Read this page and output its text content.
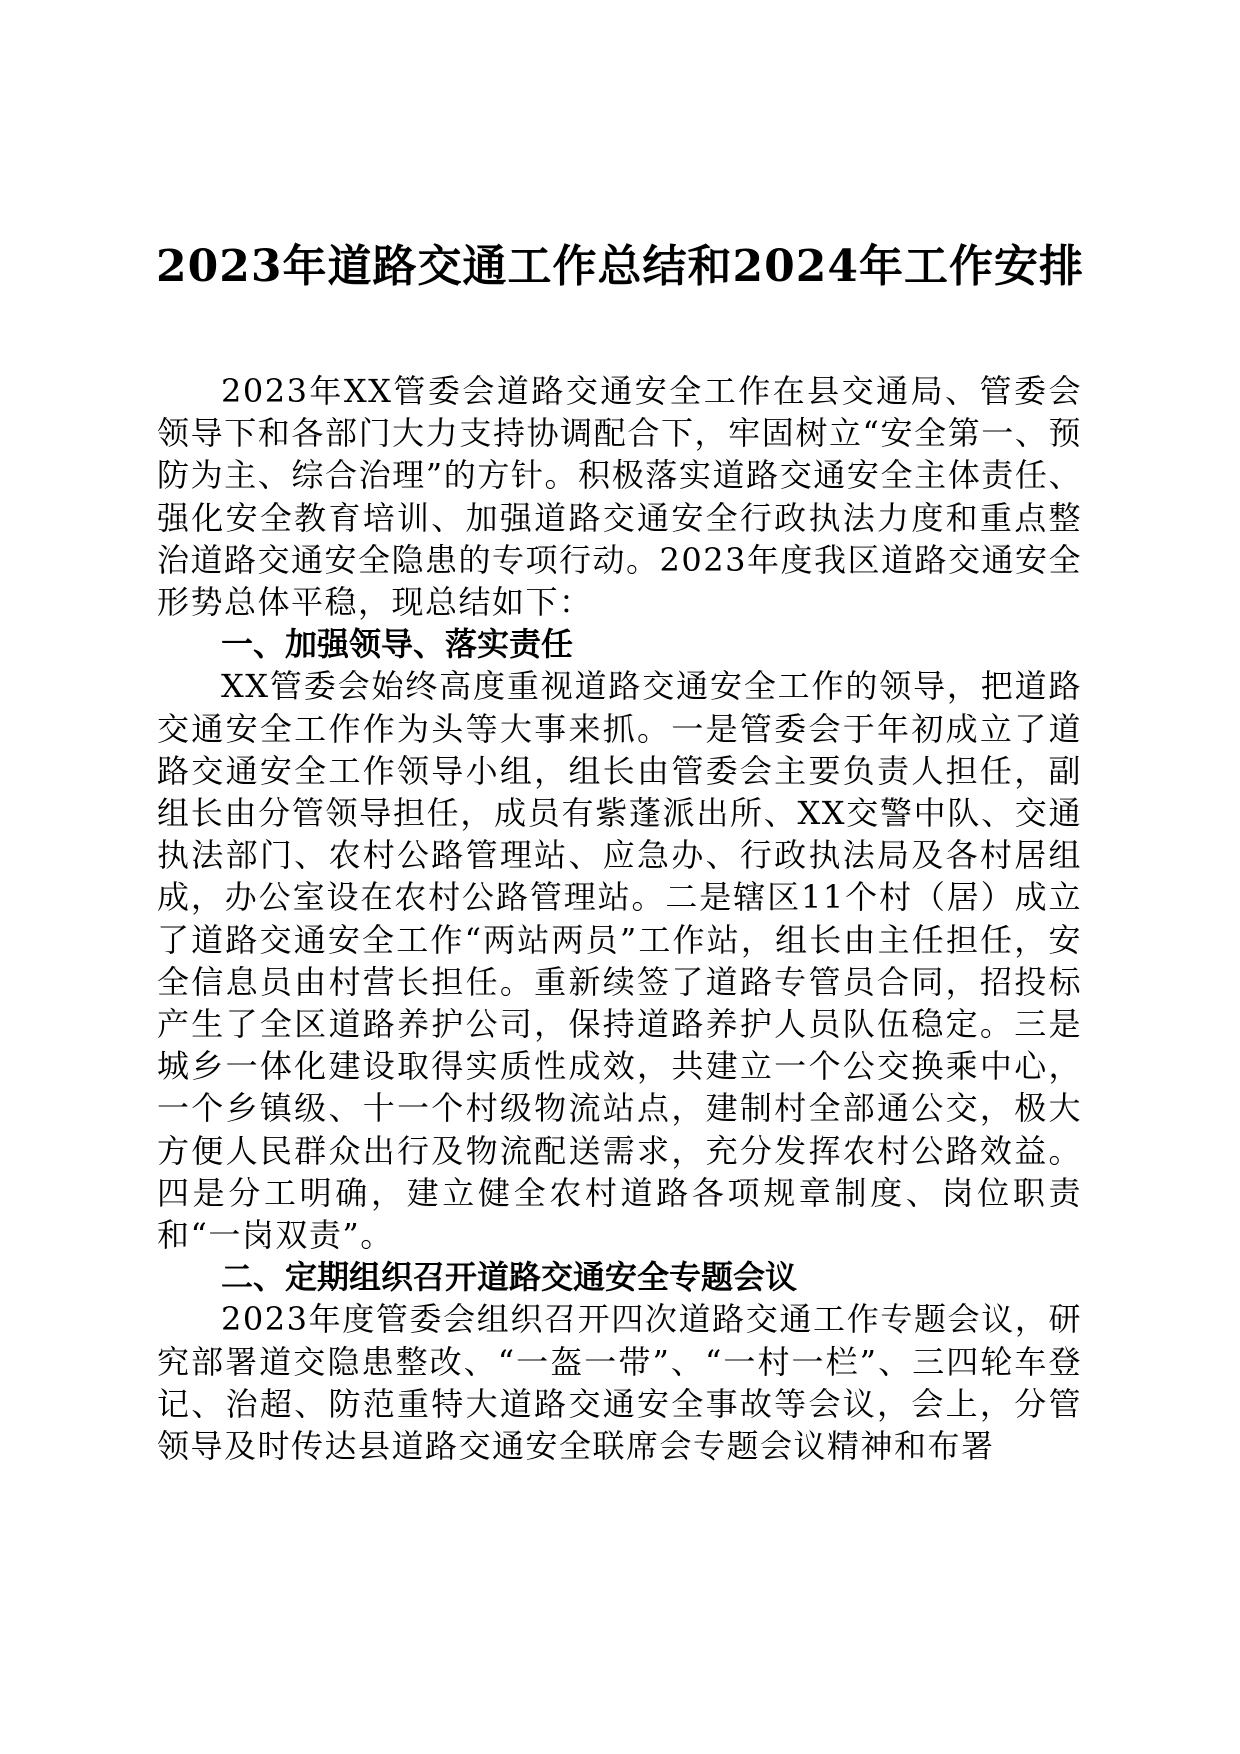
2023年道路交通工作总结和2024年工作安排

2023年XX管委会道路交通安全工作在县交通局、管委会领导下和各部门大力支持协调配合下，牢固树立“安全第一、预防为主、综合治理”的方针。积极落实道路交通安全主体责任、强化安全教育培训、加强道路交通安全行政执法力度和重点整治道路交通安全隐患的专项行动。2023年度我区道路交通安全形势总体平稳，现总结如下：

一、加强领导、落实责任

XX管委会始终高度重视道路交通安全工作的领导，把道路交通安全工作作为头等大事来抓。一是管委会于年初成立了道路交通安全工作领导小组，组长由管委会主要负责人担任，副组长由分管领导担任，成员有紫蓬派出所、XX交警中队、交通执法部门、农村公路管理站、应急办、行政执法局及各村居组成，办公室设在农村公路管理站。二是辖区11个村（居）成立了道路交通安全工作“两站两员”工作站，组长由主任担任，安全信息员由村营长担任。重新续签了道路专管员合同，招投标产生了全区道路养护公司，保持道路养护人员队伍稳定。三是城乡一体化建设取得实质性成效，共建立一个公交换乘中心，一个乡镇级、十一个村级物流站点，建制村全部通公交，极大方便人民群众出行及物流配送需求，充分发挥农村公路效益。四是分工明确，建立健全农村道路各项规章制度、岗位职责和“一岗双责”。

二、定期组织召开道路交通安全专题会议

2023年度管委会组织召开四次道路交通工作专题会议，研究部署道交隐患整改、“一盔一带”、“一村一栏”、三四轮车登记、治超、防范重特大道路交通安全事故等会议，会上，分管领导及时传达县道路交通安全联席会专题会议精神和布署
